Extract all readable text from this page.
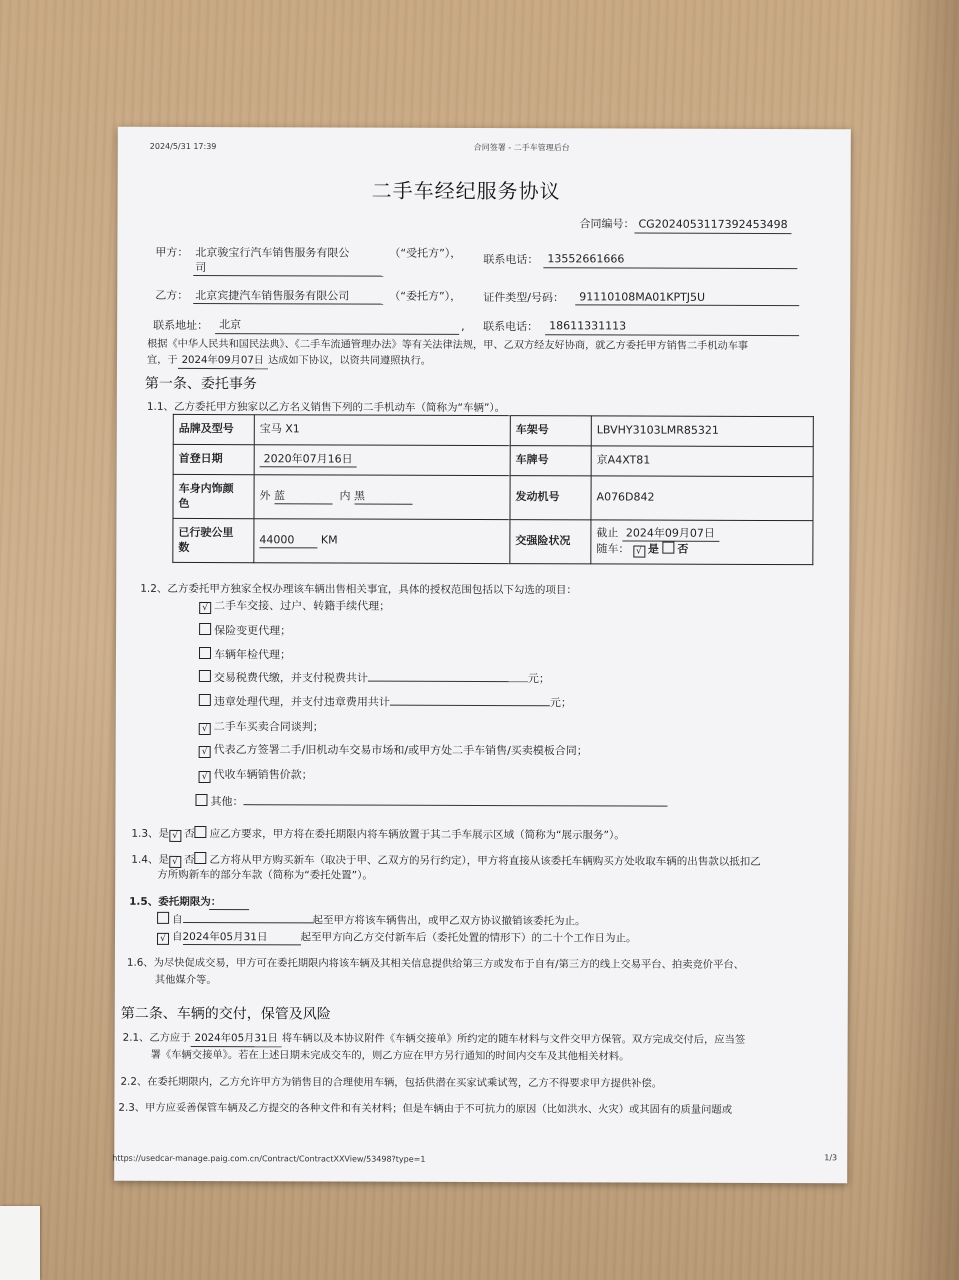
2024/5/31 17:39	合同签署 - 二手车管理后台
二手车经纪服务协议
合同编号： CG2024053117392453498
甲方： 北京骏宝行汽车销售服务有限公
司
（“受托方”）， 联系电话： 13552661666
乙方： 北京宾捷汽车销售服务有限公司	（“委托方”）， 证件类型/号码： 91110108MA01KPTJ5U
联系地址： 北京	, 联系电话： 18611331113
根据《中华人民共和国民法典》、《二手车流通管理办法》等有关法律法规，甲、乙双方经友好协商，就乙方委托甲方销售二手机动车事
宜，于 2024年09月07日 达成如下协议，以资共同遵照执行。
第一条、委托事务
1.1、乙方委托甲方独家以乙方名义销售下列的二手机动车（简称为“车辆”）。
品牌及型号	宝马 X1	车架号	LBVHY3103LMR85321
首登日期	2020年07月16日	车牌号	京A4XT81
车身内饰颜
色	外 蓝 内 黑	发动机号	A076D842
已行驶公里
数	44000 KM	交强险状况	截止 2024年09月07日
随车： √ 是 否
1.2、乙方委托甲方独家全权办理该车辆出售相关事宜，具体的授权范围包括以下勾选的项目：
√ 二手车交接、过户、转籍手续代理；
保险变更代理；
车辆年检代理；
交易税费代缴，并支付税费共计	元；
违章处理代理，并支付违章费用共计	元；
√ 二手车买卖合同谈判；
√ 代表乙方签署二手/旧机动车交易市场和/或甲方处二手车销售/买卖模板合同；
√ 代收车辆销售价款；
其他：
1.3、是 √ 否 应乙方要求，甲方将在委托期限内将车辆放置于其二手车展示区域（简称为“展示服务”）。
1.4、是 √ 否 乙方将从甲方购买新车（取决于甲、乙双方的另行约定），甲方将直接从该委托车辆购买方处收取车辆的出售款以抵扣乙
方所购新车的部分车款（简称为“委托处置”）。
1.5、委托期限为：
自	起至甲方将该车辆售出，或甲乙双方协议撤销该委托为止。
√ 自2024年05月31日	起至甲方向乙方交付新车后（委托处置的情形下）的二十个工作日为止。
1.6、为尽快促成交易，甲方可在委托期限内将该车辆及其相关信息提供给第三方或发布于自有/第三方的线上交易平台、拍卖竞价平台、
其他媒介等。
第二条、车辆的交付，保管及风险
2.1、乙方应于 2024年05月31日 将车辆以及本协议附件《车辆交接单》所约定的随车材料与文件交甲方保管。双方完成交付后，应当签
署《车辆交接单》。若在上述日期未完成交车的，则乙方应在甲方另行通知的时间内交车及其他相关材料。
2.2、在委托期限内，乙方允许甲方为销售目的合理使用车辆，包括供潜在买家试乘试驾，乙方不得要求甲方提供补偿。
2.3、甲方应妥善保管车辆及乙方提交的各种文件和有关材料；但是车辆由于不可抗力的原因（比如洪水、火灾）或其固有的质量问题或
https://usedcar-manage.paig.com.cn/Contract/ContractXXView/53498?type=1	1/3
